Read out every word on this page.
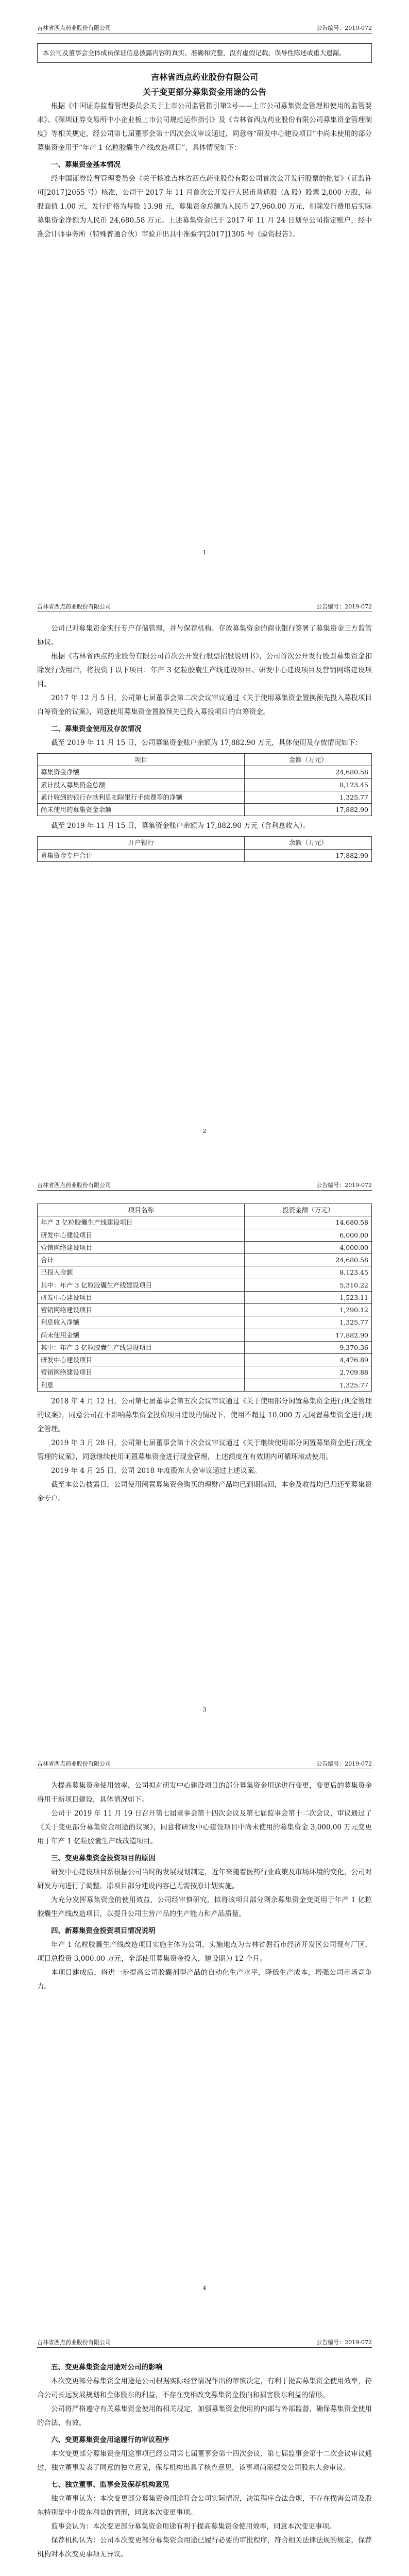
吉林省西点药业股份有限公司	公告编号：2019-072
本公司及董事会全体成员保证信息披露内容的真实、准确和完整，没有虚假记载、误导性陈述或重大遗漏。

吉林省西点药业股份有限公司

关于变更部分募集资金用途的公告

根据《中国证券监督管理委员会关于上市公司监管指引第2号——上市公司募集资金管理和使用的监管要求》、《深圳证券交易所中小企业板上市公司规范运作指引》及《吉林省西点药业股份有限公司募集资金管理制度》等相关规定，经公司第七届董事会第十四次会议审议通过，同意将“研发中心建设项目”中尚未使用的部分募集资金用于“年产 1 亿粒胶囊生产线改造项目”，具体情况如下：

一、募集资金基本情况

经中国证券监督管理委员会《关于核准吉林省西点药业股份有限公司首次公开发行股票的批复》（证监许可[2017]2055 号）核准，公司于 2017 年 11 月首次公开发行人民币普通股（A 股）股票 2,000 万股，每股面值 1.00 元，发行价格为每股 13.98 元，募集资金总额为人民币 27,960.00 万元，扣除发行费用后实际募集资金净额为人民币 24,680.58 万元。上述募集资金已于 2017 年 11 月 24 日划至公司指定账户，经中准会计师事务所（特殊普通合伙）审验并出具中准验字[2017]1305 号《验资报告》。

1
吉林省西点药业股份有限公司	公告编号：2019-072

公司已对募集资金实行专户存储管理，并与保荐机构、存放募集资金的商业银行签署了募集资金三方监管协议。

根据《吉林省西点药业股份有限公司首次公开发行股票招股说明书》，公司首次公开发行股票募集资金扣除发行费用后，将投资于以下项目：年产 3 亿粒胶囊生产线建设项目、研发中心建设项目及营销网络建设项目。

2017 年 12 月 5 日，公司第七届董事会第二次会议审议通过《关于使用募集资金置换预先投入募投项目自筹资金的议案》，同意使用募集资金置换预先已投入募投项目的自筹资金。

二、募集资金使用及存放情况

截至 2019 年 11 月 15 日，公司募集资金账户余额为 17,882.90 万元，具体使用及存放情况如下：

项目	金额（万元）
募集资金净额	24,680.58
累计投入募集资金总额	8,123.45
累计收到的银行存款利息扣除银行手续费等的净额	1,325.77
尚未使用的募集资金余额	17,882.90

截至 2019 年 11 月 15 日，募集资金账户余额为 17,882.90 万元（含利息收入）。

开户银行	余额（万元）
募集资金专户合计	17,882.90
2
吉林省西点药业股份有限公司	公告编号：2019-072
项目名称	投资金额（万元）
年产 3 亿粒胶囊生产线建设项目	14,680.58
研发中心建设项目	6,000.00
营销网络建设项目	4,000.00
合计	24,680.58
已投入金额	8,123.45
其中：年产 3 亿粒胶囊生产线建设项目	5,310.22
研发中心建设项目	1,523.11
营销网络建设项目	1,290.12
利息收入净额	1,325.77
尚未使用金额	17,882.90
其中：年产 3 亿粒胶囊生产线建设项目	9,370.36
研发中心建设项目	4,476.89
营销网络建设项目	2,709.88
利息	1,325.77

2018 年 4 月 12 日，公司第七届董事会第五次会议审议通过《关于使用部分闲置募集资金进行现金管理的议案》，同意公司在不影响募集资金投资项目建设的情况下，使用不超过 10,000 万元闲置募集资金进行现金管理。

2019 年 3 月 28 日，公司第七届董事会第十次会议审议通过《关于继续使用部分闲置募集资金进行现金管理的议案》，同意继续使用闲置募集资金进行现金管理，上述额度在有效期内可循环滚动使用。

2019 年 4 月 25 日，公司 2018 年度股东大会审议通过上述议案。

截至本公告披露日，公司使用闲置募集资金购买的理财产品均已到期赎回，本金及收益均已归还至募集资金专户。

3
吉林省西点药业股份有限公司	公告编号：2019-072

为提高募集资金使用效率，公司拟对研发中心建设项目的部分募集资金用途进行变更，变更后的募集资金将用于新项目建设，具体情况如下。

公司于 2019 年 11 月 19 日召开第七届董事会第十四次会议及第七届监事会第十二次会议，审议通过了《关于变更部分募集资金用途的议案》，同意将研发中心建设项目中尚未使用的募集资金 3,000.00 万元变更用于年产 1 亿粒胶囊生产线改造项目。

三、变更募集资金投资项目的原因

研发中心建设项目系根据公司当时的发展规划制定，近年来随着医药行业政策及市场环境的变化，公司对研发方向进行了调整，原项目部分建设内容已无需按原计划实施。

为充分发挥募集资金的使用效益，公司经审慎研究，拟将该项目部分剩余募集资金变更用于年产 1 亿粒胶囊生产线改造项目，以提升公司主营产品的生产能力和产品质量。

四、新募集资金投资项目情况说明

年产 1 亿粒胶囊生产线改造项目实施主体为公司，实施地点为吉林省磐石市经济开发区公司现有厂区，项目总投资 3,000.00 万元，全部使用募集资金投入，建设期为 12 个月。

本项目建成后，将进一步提高公司胶囊剂型产品的自动化生产水平，降低生产成本，增强公司市场竞争力。

4
吉林省西点药业股份有限公司	公告编号：2019-072

五、变更募集资金用途对公司的影响

本次变更部分募集资金用途是公司根据实际经营情况作出的审慎决定，有利于提高募集资金使用效率，符合公司长远发展规划和全体股东的利益，不存在变相改变募集资金投向和损害股东利益的情形。

公司将严格遵守有关募集资金使用的相关规定，加强募集资金使用的内部与外部监督，确保募集资金使用的合法、有效。

六、变更募集资金用途履行的审议程序

本次变更部分募集资金用途事项已经公司第七届董事会第十四次会议、第七届监事会第十二次会议审议通过，独立董事发表了同意的独立意见，保荐机构出具了核查意见，该事项尚需提交公司股东大会审议。

七、独立董事、监事会及保荐机构意见

独立董事认为：本次变更部分募集资金用途符合公司实际情况，决策程序合法合规，不存在损害公司及股东特别是中小股东利益的情形，同意本次变更事项。

监事会认为：本次变更部分募集资金用途有利于提高募集资金使用效率，同意本次变更事项。

保荐机构认为：公司本次变更部分募集资金用途已履行必要的审批程序，符合相关法律法规的规定，保荐机构对本次变更事项无异议。
